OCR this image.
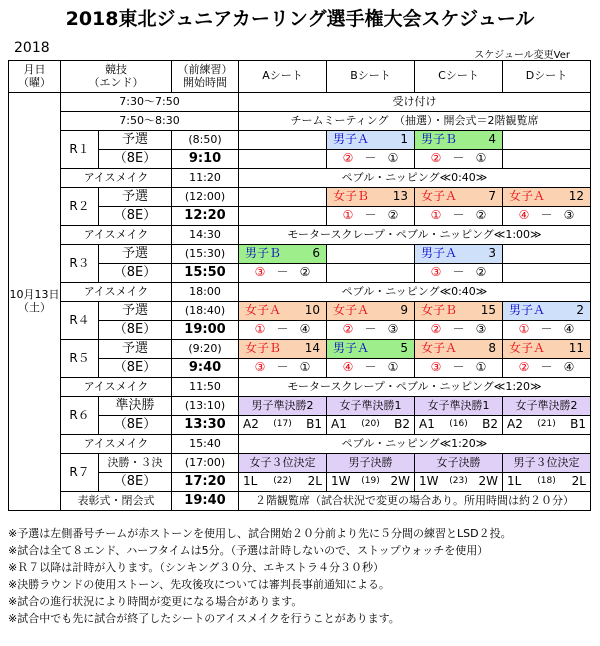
2018東北ジュニアカーリング選手権大会スケジュール
2018	スケジュール変更Ver
月日
（曜）	競技
（エンド）		（前練習）
開始時間	Aシート	Bシート	Cシート	Dシート
10月13日
（土）	7:30～7:50			受け付け			
	7:50～8:30			チームミーティング　（抽選）・開会式＝2階観覧席			
	R１	予選	(8:50)		男子Ａ 1	男子Ｂ 4	

		（8E）	9:10		② － ①	② － ①	

	アイスメイク		11:20	ペブル・ニッピング≪0:40≫			
	R２	予選	(12:00)		女子Ｂ 13	女子Ａ 7	女子Ａ 12

		（8E）	12:20		① － ②	① － ②	④ － ③

	アイスメイク		14:30	モータースクレープ・ペブル・ニッピング≪1:00≫			
	R３	予選	(15:30)	男子Ｂ 6		男子Ａ 3	

		（8E）	15:50	③ － ②		③ － ②	

	アイスメイク		18:00	ペブル・ニッピング≪0:40≫			
	R４	予選	(18:40)	女子Ａ 10	女子Ａ 9	女子Ｂ 15	男子Ａ 2

		（8E）	19:00	① － ④	② － ③	② － ③	① － ④

	R５	予選	(9:20)	女子Ｂ 14	男子Ａ 5	女子Ａ 8	女子Ａ 11

		（8E）	9:40	③ － ①	④ － ①	③ － ①	② － ④

	アイスメイク		11:50	モータースクレープ・ペブル・ニッピング≪1:20≫			
	R６	準決勝	(13:10)	男子準決勝2	女子準決勝1	女子準決勝1	女子準決勝2
		（8E）	13:30	A2 (17) B1	A1 (20) B2	A1 (16) B2	A2 (21) B1

	アイスメイク		15:40	ペブル・ニッピング≪1:20≫			
	R７	決勝・３決	(17:00)	女子３位決定	男子決勝	女子決勝	男子３位決定
		（8E）	17:20	1L (22) 2L	1W (19) 2W	1W (23) 2W	1L (18) 2L

	表彰式・閉会式		19:40	２階観覧席（試合状況で変更の場合あり。所用時間は約２０分）			
※予選は左側番号チームが赤ストーンを使用し、試合開始２０分前より先に５分間の練習とLSD２投。
※試合は全て８エンド、ハーフタイムは5分。（予選は計時しないので、ストップウォッチを使用）
※Ｒ７以降は計時が入ります。（シンキング３０分、エキストラ４分３０秒）
※決勝ラウンドの使用ストーン、先攻後攻については審判長事前通知による。
※試合の進行状況により時間が変更になる場合があります。
※試合中でも先に試合が終了したシートのアイスメイクを行うことがあります。
